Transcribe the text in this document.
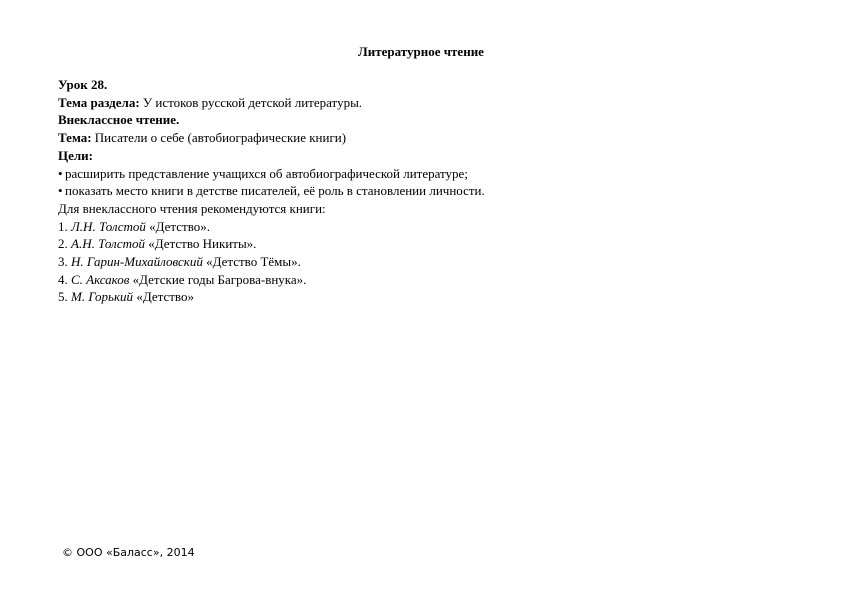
Литературное чтение
Урок 28.
Тема раздела: У истоков русской детской литературы.
Внеклассное чтение.
Тема: Писатели о себе (автобиографические книги)
Цели:
• расширить представление учащихся об автобиографической литературе;
• показать место книги в детстве писателей, её роль в становлении личности.
Для внеклассного чтения рекомендуются книги:
1. Л.Н. Толстой «Детство».
2. А.Н. Толстой «Детство Никиты».
3. Н. Гарин-Михайловский «Детство Тёмы».
4. С. Аксаков «Детские годы Багрова-внука».
5. М. Горький «Детство»
© ООО «Баласс», 2014
